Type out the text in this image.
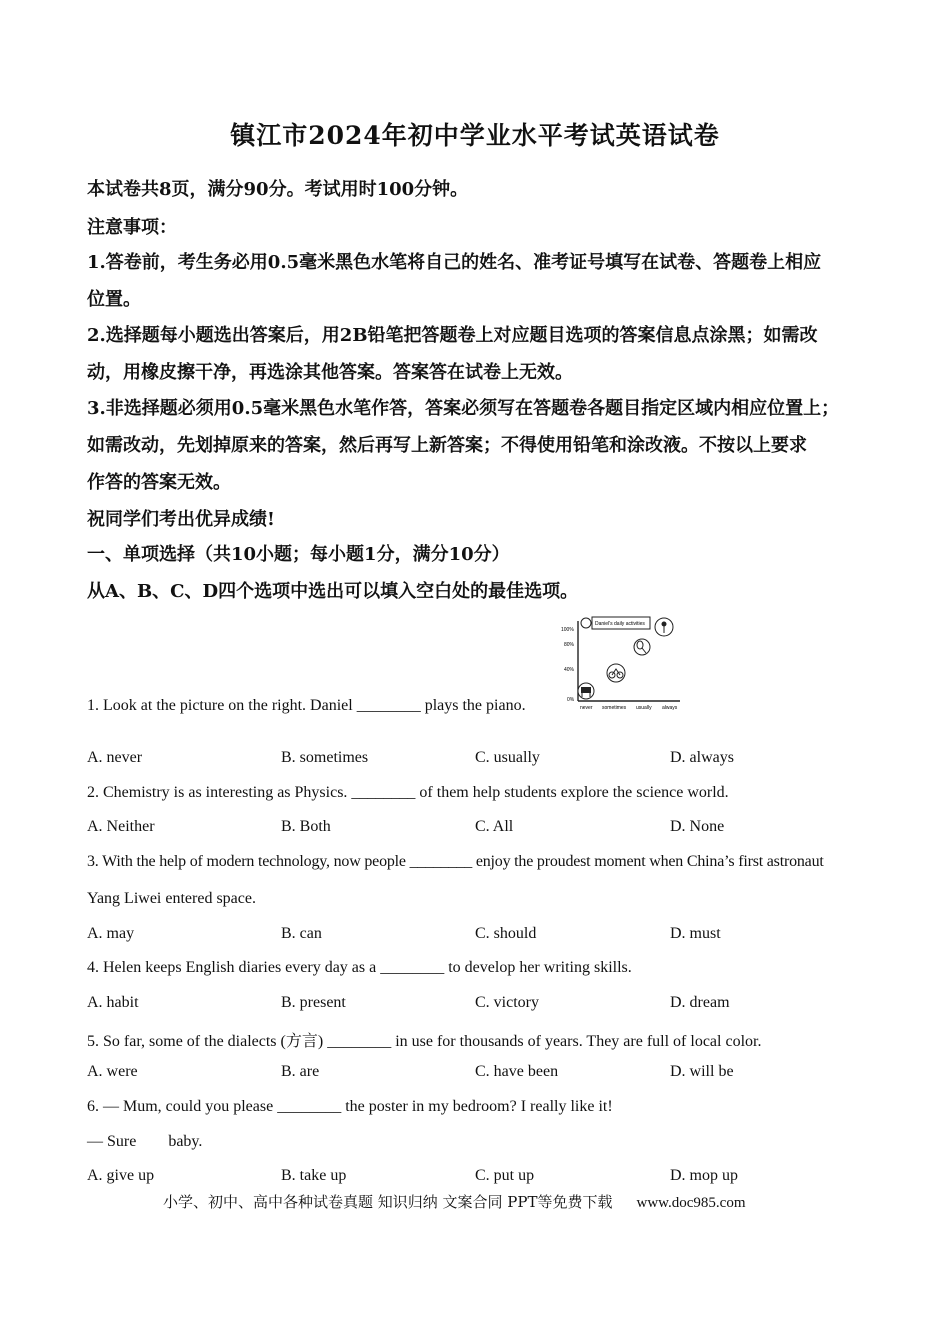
镇江市2024年初中学业水平考试英语试卷
本试卷共8页，满分90分。考试用时100分钟。
注意事项：
1.答卷前，考生务必用0.5毫米黑色水笔将自己的姓名、准考证号填写在试卷、答题卷上相应
位置。
2.选择题每小题选出答案后，用2B铅笔把答题卷上对应题目选项的答案信息点涂黑；如需改
动，用橡皮擦干净，再选涂其他答案。答案答在试卷上无效。
3.非选择题必须用0.5毫米黑色水笔作答，答案必须写在答题卷各题目指定区域内相应位置上；
如需改动，先划掉原来的答案，然后再写上新答案；不得使用铅笔和涂改液。不按以上要求
作答的答案无效。
祝同学们考出优异成绩!
一、单项选择（共10小题；每小题1分，满分10分）
从A、B、C、D四个选项中选出可以填入空白处的最佳选项。
100%
80%
40%
0%
never sometimes usually always
Daniel's daily activities
1. Look at the picture on the right. Daniel ________ plays the piano.
A. never	B. sometimes	C. usually	D. always
2. Chemistry is as interesting as Physics. ________ of them help students explore the science world.
A. Neither	B. Both	C. All	D. None
3. With the help of modern technology, now people ________ enjoy the proudest moment when China’s first astronaut
Yang Liwei entered space.
A. may	B. can	C. should	D. must
4. Helen keeps English diaries every day as a ________ to develop her writing skills.
A. habit	B. present	C. victory	D. dream
5. So far, some of the dialects (方言) ________ in use for thousands of years. They are full of local color.
A. were	B. are	C. have been	D. will be
6. — Mum, could you please ________ the poster in my bedroom? I really like it!
— Sure        baby.
A. give up	B. take up	C. put up	D. mop up
小学、初中、高中各种试卷真题 知识归纳 文案合同 PPT等免费下载 www.doc985.com
